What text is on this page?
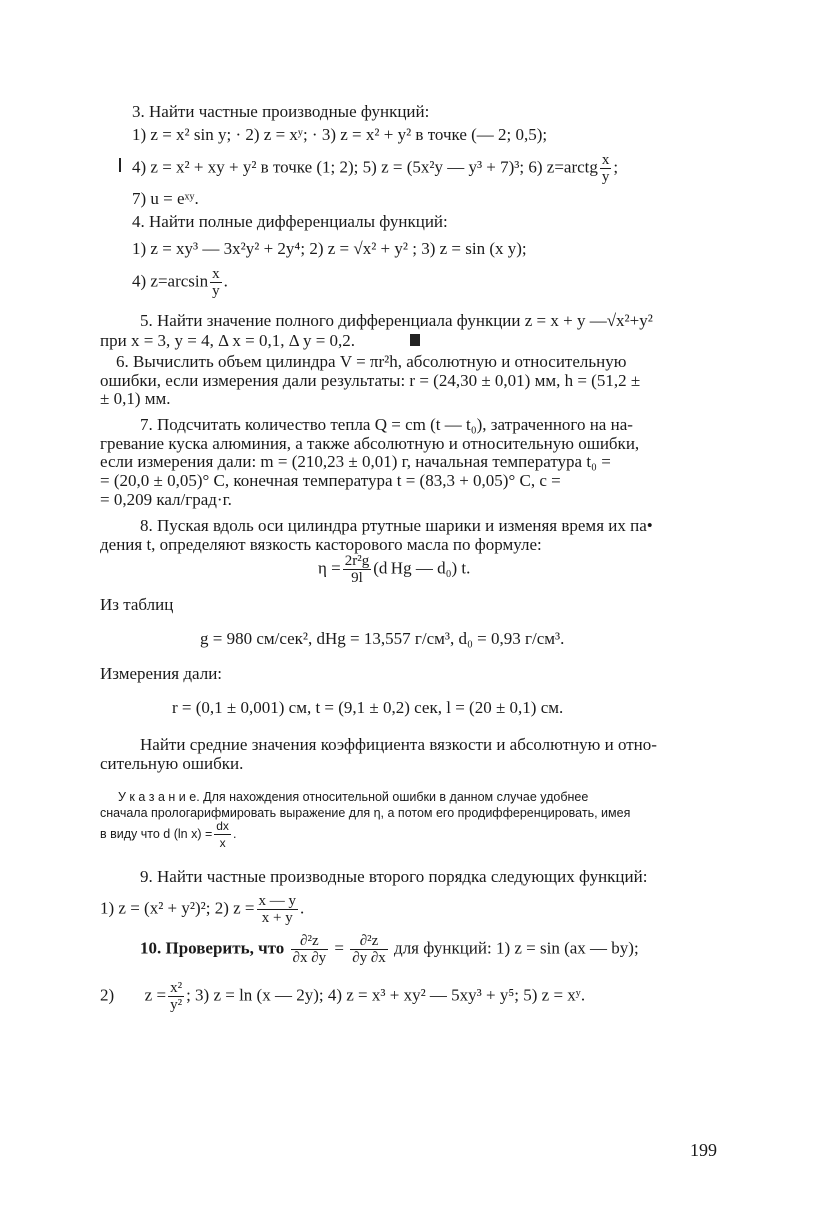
3. Найти частные производные функций:
1) z = x² sin y; · 2) z = xʸ; · 3) z = x² + y² в точке (— 2; 0,5);
4) z = x² + xy + y² в точке (1; 2); 5) z = (5x²y — y³ + 7)³; 6) z=arctg $\frac{x}{y}$ ;
7) u = eˣʸ.
4. Найти полные дифференциалы функций:
1) z = xy³ — 3x²y² + 2y⁴; 2) z = √x² + y² ; 3) z = sin (x y);
4) $z=\arcsin \frac{x}{y}$ .
5. Найти значение полного дифференциала функции z = x + y —√x²+y²
при x = 3, y = 4, Δ x = 0,1, Δ y = 0,2.
6. Вычислить объем цилиндра V = πr²h, абсолютную и относительную
ошибки, если измерения дали результаты: r = (24,30 ± 0,01) мм, h = (51,2 ±
± 0,1) мм.
7. Подсчитать количество тепла Q = cm (t — t₀), затраченного на на-
гревание куска алюминия, а также абсолютную и относительную ошибки,
если измерения дали: m = (210,23 ± 0,01) г, начальная температура t₀ =
= (20,0 ± 0,05)° C, конечная температура t = (83,3 + 0,05)° C, c =
= 0,209 кал/град·г.
8. Пуская вдоль оси цилиндра ртутные шарики и изменяя время их па•
дения t, определяют вязкость касторового масла по формуле:
$\eta = \frac{\text{2r²g}}{9l} (d$ Hg — d₀) t.
Из таблиц
g = 980 см/сек², dHg = 13,557 г/см³, d₀ = 0,93 г/см³.
Измерения дали:
r = (0,1 ± 0,001) см, t = (9,1 ± 0,2) сек, l = (20 ± 0,1) см.
Найти средние значения коэффициента вязкости и абсолютную и отно-
сительную ошибки.
У к а з а н и е. Для нахождения относительной ошибки в данном случае удобнее
сначала прологарифмировать выражение для η, а потом его продифференцировать, имея
в виду что d (ln $x) = \frac{dx}{x}$ .
9. Найти частные производные второго порядка следующих функций:
1) z = (x² + y²)²; 2) $z = \frac{x — y}{x + y}$ .
10. Проверить, что $\frac{\text{∂²z}}{\partial x \partial y} = \frac{\text{∂²z}}{\partial y \partial x}$ для функций: 1) z = sin (ax — by);
2) $z = \frac{\text{x²}}{\text{y²}}$ ; 3) z = ln (x — 2y); 4) z = x³ + xy² — 5xy³ + y⁵; 5) z = xʸ.
199
